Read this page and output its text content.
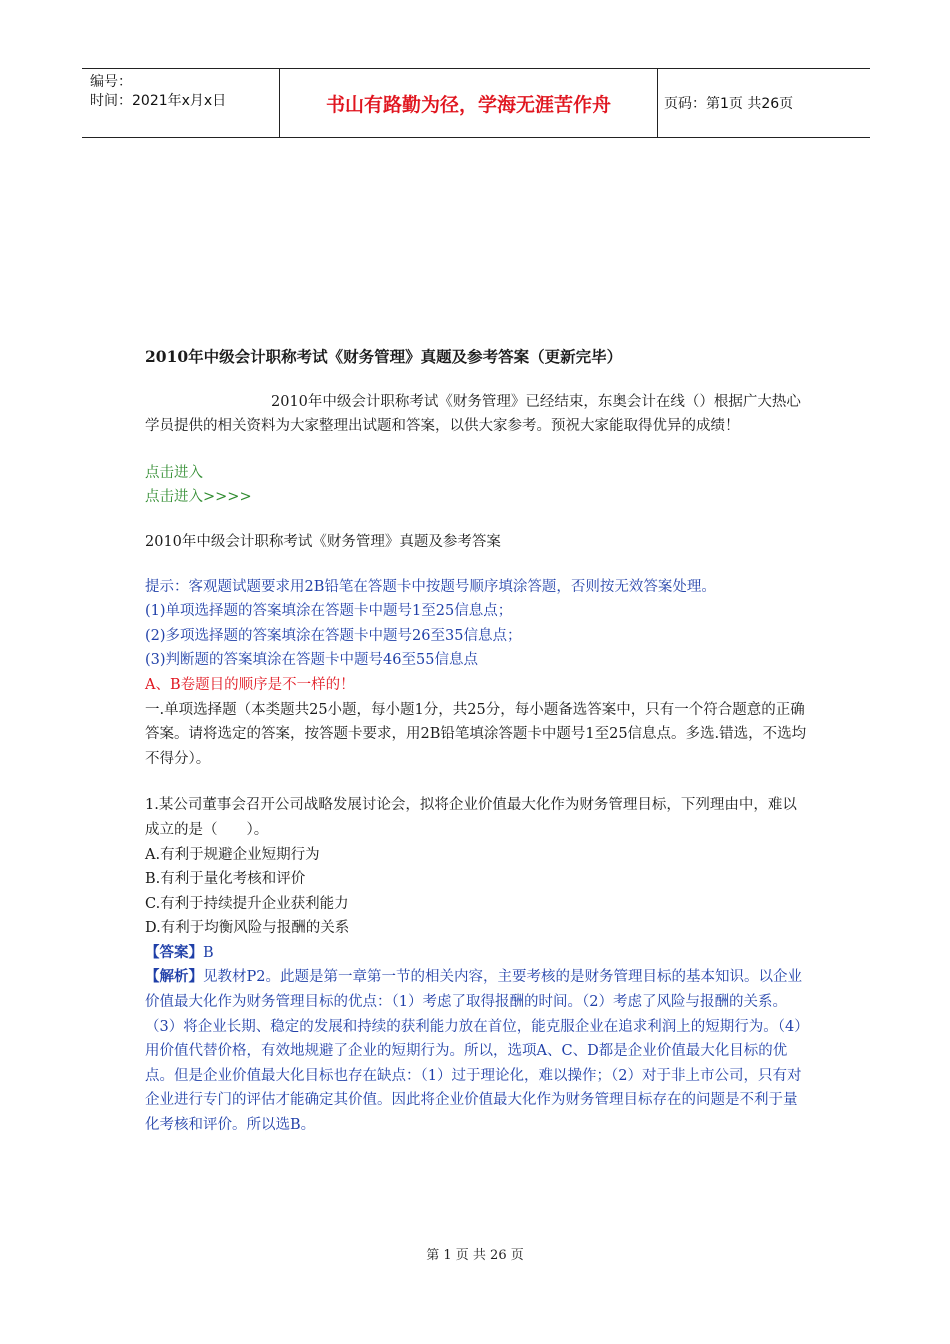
编号：
时间：2021年x月x日	书山有路勤为径，学海无涯苦作舟	页码：第1页 共26页

2010年中级会计职称考试《财务管理》真题及参考答案（更新完毕）

2010年中级会计职称考试《财务管理》已经结束，东奥会计在线（）根据广大热心学员提供的相关资料为大家整理出试题和答案，以供大家参考。预祝大家能取得优异的成绩！

点击进入

点击进入>>>>

2010年中级会计职称考试《财务管理》真题及参考答案

提示：客观题试题要求用2B铅笔在答题卡中按题号顺序填涂答题，否则按无效答案处理。

(1)单项选择题的答案填涂在答题卡中题号1至25信息点；

(2)多项选择题的答案填涂在答题卡中题号26至35信息点；

(3)判断题的答案填涂在答题卡中题号46至55信息点

A、B卷题目的顺序是不一样的！

一.单项选择题（本类题共25小题，每小题1分，共25分，每小题备选答案中，只有一个符合题意的正确答案。请将选定的答案，按答题卡要求，用2B铅笔填涂答题卡中题号1至25信息点。多选.错选，不选均不得分）。

1.某公司董事会召开公司战略发展讨论会，拟将企业价值最大化作为财务管理目标，下列理由中，难以成立的是（　　）。

A.有利于规避企业短期行为

B.有利于量化考核和评价

C.有利于持续提升企业获利能力

D.有利于均衡风险与报酬的关系

【答案】B

【解析】见教材P2。此题是第一章第一节的相关内容，主要考核的是财务管理目标的基本知识。以企业价值最大化作为财务管理目标的优点：（1）考虑了取得报酬的时间。（2）考虑了风险与报酬的关系。（3）将企业长期、稳定的发展和持续的获利能力放在首位，能克服企业在追求利润上的短期行为。（4）用价值代替价格，有效地规避了企业的短期行为。所以，选项A、C、D都是企业价值最大化目标的优点。但是企业价值最大化目标也存在缺点：（1）过于理论化，难以操作；（2）对于非上市公司，只有对企业进行专门的评估才能确定其价值。因此将企业价值最大化作为财务管理目标存在的问题是不利于量化考核和评价。所以选B。

第 1 页 共 26 页
